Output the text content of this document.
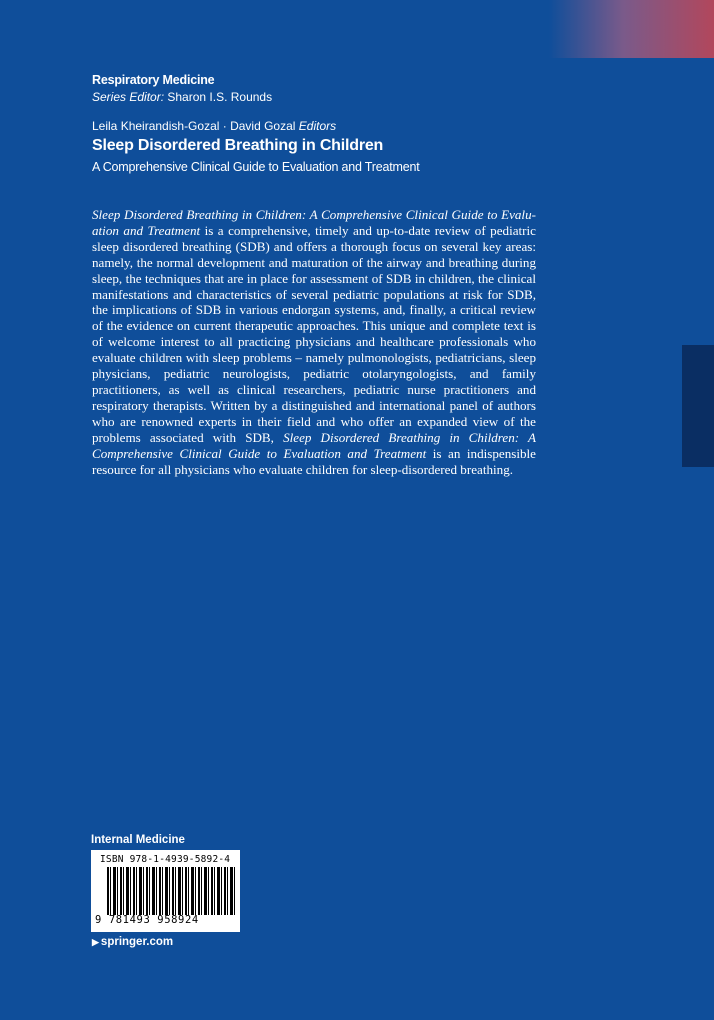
Respiratory Medicine
Series Editor: Sharon I.S. Rounds
Leila Kheirandish-Gozal · David Gozal Editors
Sleep Disordered Breathing in Children
A Comprehensive Clinical Guide to Evaluation and Treatment
Sleep Disordered Breathing in Children: A Comprehensive Clinical Guide to Evaluation and Treatment is a comprehensive, timely and up-to-date review of pediatric sleep disordered breathing (SDB) and offers a thorough focus on several key areas: namely, the normal development and maturation of the airway and breathing during sleep, the techniques that are in place for assessment of SDB in children, the clinical manifestations and characteristics of several pediatric populations at risk for SDB, the implications of SDB in various endorgan systems, and, finally, a critical review of the evidence on current therapeutic approaches. This unique and complete text is of welcome interest to all practicing physicians and healthcare professionals who evaluate children with sleep problems – namely pulmonologists, pediatricians, sleep physicians, pediatric neurologists, pediatric otolaryngologists, and family practitioners, as well as clinical researchers, pediatric nurse practitioners and respiratory therapists. Written by a distinguished and international panel of authors who are renowned experts in their field and who offer an expanded view of the problems associated with SDB, Sleep Disordered Breathing in Children: A Comprehensive Clinical Guide to Evaluation and Treatment is an indispensible resource for all physicians who evaluate children for sleep-disordered breathing.
Internal Medicine
ISBN 978-1-4939-5892-4
9 781493 958924
▶ springer.com
